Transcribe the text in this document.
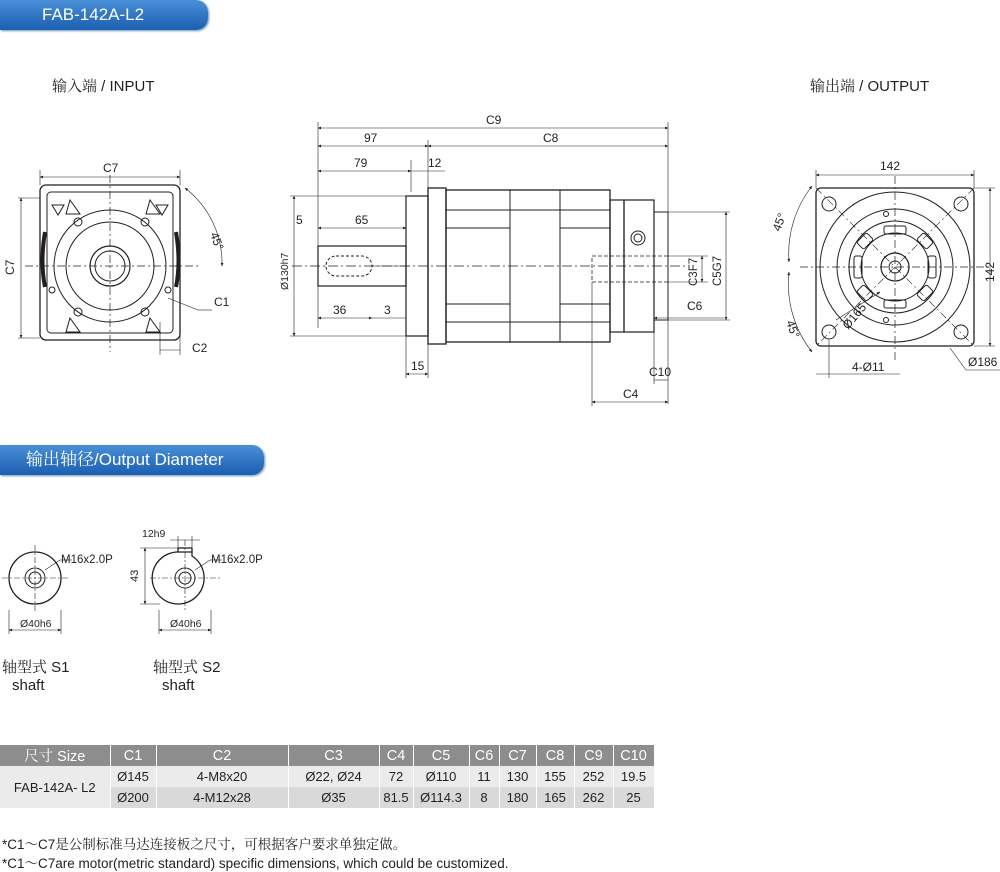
FAB-142A-L2
输入端 / INPUT	输出端 / OUTPUT
C7
C7
45°
C1
C2
C9
97	C8
79	12
5	65
36	3
15
Ø130h7	C3F7 C5G7
C6
C10
C4
142
142
45°
45°	Ø165
4-Ø11	Ø186
M16x2.0P
Ø40h6
M16x2.0P
Ø40h6
12h9
43
输出轴径/Output Diameter
轴型式 S1
shaft
轴型式 S2
shaft
尺寸 Size	C1	C2	C3	C4	C5	C6	C7	C8	C9	C10
FAB-142A- L2	Ø145	4-M8x20	Ø22, Ø24	72	Ø110	11	130	155	252	19.5
	Ø200	4-M12x28	Ø35	81.5	Ø114.3	8	180	165	262	25
*C1～C7是公制标准马达连接板之尺寸，可根据客户要求单独定做。
*C1～C7are motor(metric standard) specific dimensions, which could be customized.
